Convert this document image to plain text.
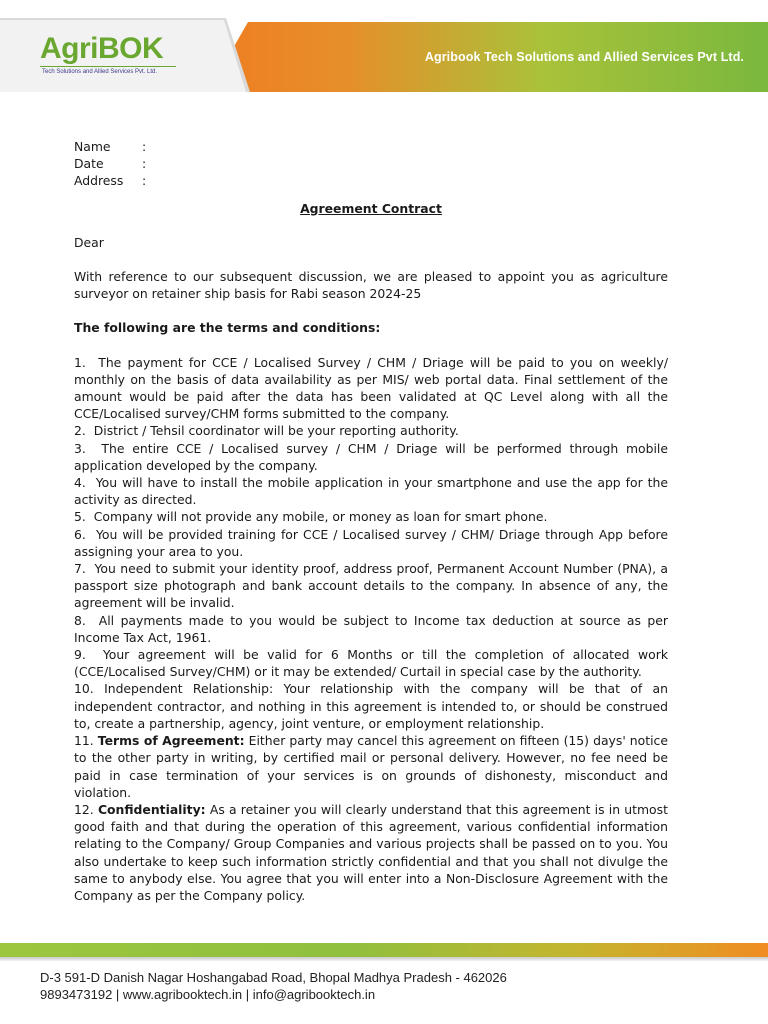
AgriBOK
Tech Solutions and Allied Services Pvt. Ltd.
Agribook Tech Solutions and Allied Services Pvt Ltd.
Name	:
Date	:
Address	:
Agreement Contract

Dear

With reference to our subsequent discussion, we are pleased to appoint you as agriculture surveyor on retainer ship basis for Rabi season 2024-25

The following are the terms and conditions:

1. The payment for CCE / Localised Survey / CHM / Driage will be paid to you on weekly/ monthly on the basis of data availability as per MIS/ web portal data. Final settlement of the amount would be paid after the data has been validated at QC Level along with all the CCE/Localised survey/CHM forms submitted to the company.

2. District / Tehsil coordinator will be your reporting authority.

3. The entire CCE / Localised survey / CHM / Driage will be performed through mobile application developed by the company.

4. You will have to install the mobile application in your smartphone and use the app for the activity as directed.

5. Company will not provide any mobile, or money as loan for smart phone.

6. You will be provided training for CCE / Localised survey / CHM/ Driage through App before assigning your area to you.

7. You need to submit your identity proof, address proof, Permanent Account Number (PNA), a passport size photograph and bank account details to the company. In absence of any, the agreement will be invalid.

8. All payments made to you would be subject to Income tax deduction at source as per Income Tax Act, 1961.

9. Your agreement will be valid for 6 Months or till the completion of allocated work (CCE/Localised Survey/CHM) or it may be extended/ Curtail in special case by the authority.

10. Independent Relationship: Your relationship with the company will be that of an independent contractor, and nothing in this agreement is intended to, or should be construed to, create a partnership, agency, joint venture, or employment relationship.

11. Terms of Agreement: Either party may cancel this agreement on fifteen (15) days' notice to the other party in writing, by certified mail or personal delivery. However, no fee need be paid in case termination of your services is on grounds of dishonesty, misconduct and violation.

12. Confidentiality: As a retainer you will clearly understand that this agreement is in utmost good faith and that during the operation of this agreement, various confidential information relating to the Company/ Group Companies and various projects shall be passed on to you. You also undertake to keep such information strictly confidential and that you shall not divulge the same to anybody else. You agree that you will enter into a Non-Disclosure Agreement with the Company as per the Company policy.

D-3 591-D Danish Nagar Hoshangabad Road, Bhopal Madhya Pradesh - 462026
9893473192 | www.agribooktech.in | info@agribooktech.in
